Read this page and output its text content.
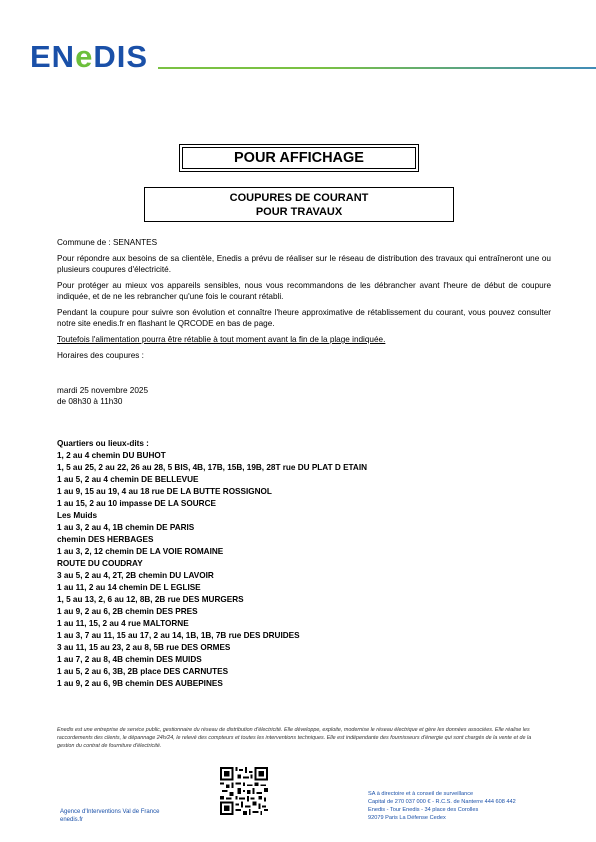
ENeDIS
POUR AFFICHAGE
COUPURES DE COURANT
POUR TRAVAUX

Commune de : SENANTES

Pour répondre aux besoins de sa clientèle, Enedis a prévu de réaliser sur le réseau de distribution des travaux qui entraîneront une ou plusieurs coupures d'électricité.

Pour protéger au mieux vos appareils sensibles, nous vous recommandons de les débrancher avant l'heure de début de coupure indiquée, et de ne les rebrancher qu'une fois le courant rétabli.

Pendant la coupure pour suivre son évolution et connaître l'heure approximative de rétablissement du courant, vous pouvez consulter notre site enedis.fr en flashant le QRCODE en bas de page.

Toutefois l'alimentation pourra être rétablie à tout moment avant la fin de la plage indiquée.

Horaires des coupures :

mardi 25 novembre 2025
de 08h30 à 11h30
Quartiers ou lieux-dits :
1, 2 au 4 chemin DU BUHOT
1, 5 au 25, 2 au 22, 26 au 28, 5 BIS, 4B, 17B, 15B, 19B, 28T rue DU PLAT D ETAIN
1 au 5, 2 au 4 chemin DE BELLEVUE
1 au 9, 15 au 19, 4 au 18 rue DE LA BUTTE ROSSIGNOL
1 au 15, 2 au 10 impasse DE LA SOURCE
Les Muids
1 au 3, 2 au 4, 1B chemin DE PARIS
chemin DES HERBAGES
1 au 3, 2, 12 chemin DE LA VOIE ROMAINE
ROUTE DU COUDRAY
3 au 5, 2 au 4, 2T, 2B chemin DU LAVOIR
1 au 11, 2 au 14 chemin DE L EGLISE
1, 5 au 13, 2, 6 au 12, 8B, 2B rue DES MURGERS
1 au 9, 2 au 6, 2B chemin DES PRES
1 au 11, 15, 2 au 4 rue MALTORNE
1 au 3, 7 au 11, 15 au 17, 2 au 14, 1B, 1B, 7B rue DES DRUIDES
3 au 11, 15 au 23, 2 au 8, 5B rue DES ORMES
1 au 7, 2 au 8, 4B chemin DES MUIDS
1 au 5, 2 au 6, 3B, 2B place DES CARNUTES
1 au 9, 2 au 6, 9B chemin DES AUBEPINES
Enedis est une entreprise de service public, gestionnaire du réseau de distribution d'électricité. Elle développe, exploite, modernise le réseau électrique et gère les données associées. Elle réalise les raccordements des clients, le dépannage 24h/24, le relevé des compteurs et toutes les interventions techniques. Elle est indépendante des fournisseurs d'énergie qui sont chargés de la vente et de la gestion du contrat de fourniture d'électricité.
Agence d'Interventions Val de France
enedis.fr
SA à directoire et à conseil de surveillance
Capital de 270 037 000 € - R.C.S. de Nanterre 444 608 442
Enedis - Tour Enedis - 34 place des Corolles
92079 Paris La Défense Cedex
